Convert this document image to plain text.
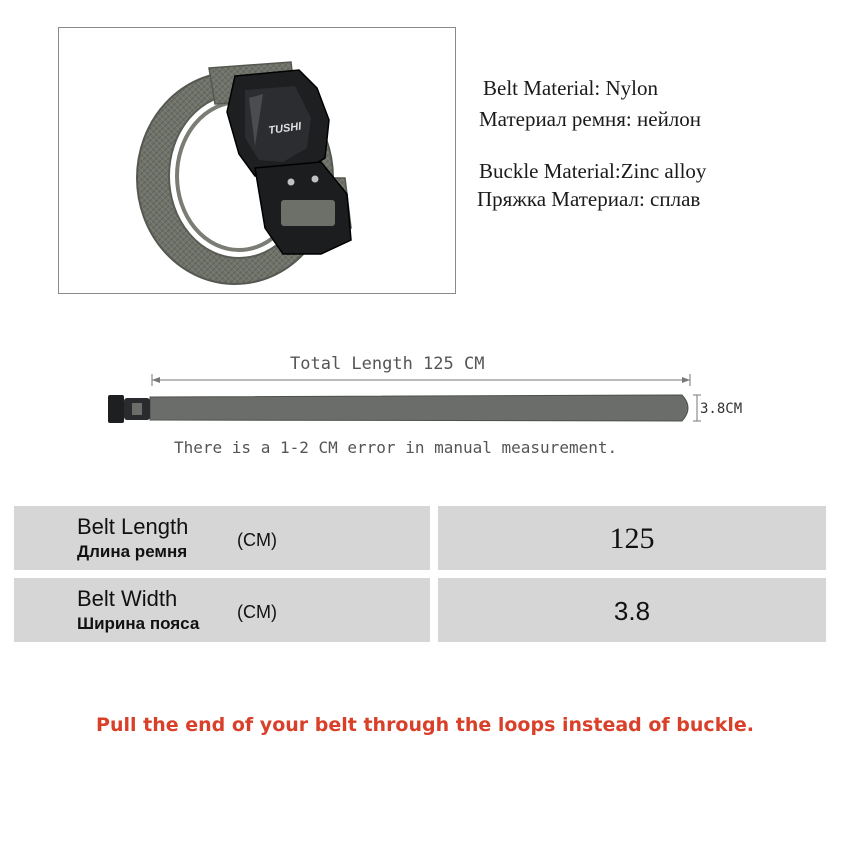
TUSHI
Belt Material: Nylon
Материал ремня: нейлон
Buckle Material:Zinc alloy
Пряжка Материал: сплав
Total Length 125 CM
3.8CM
There is a 1-2 CM error in manual measurement.
Belt Length
Длина ремня
(CM)	125
Belt Width
Ширина пояса
(CM)	3.8
Pull the end of your belt through the loops instead of buckle.
